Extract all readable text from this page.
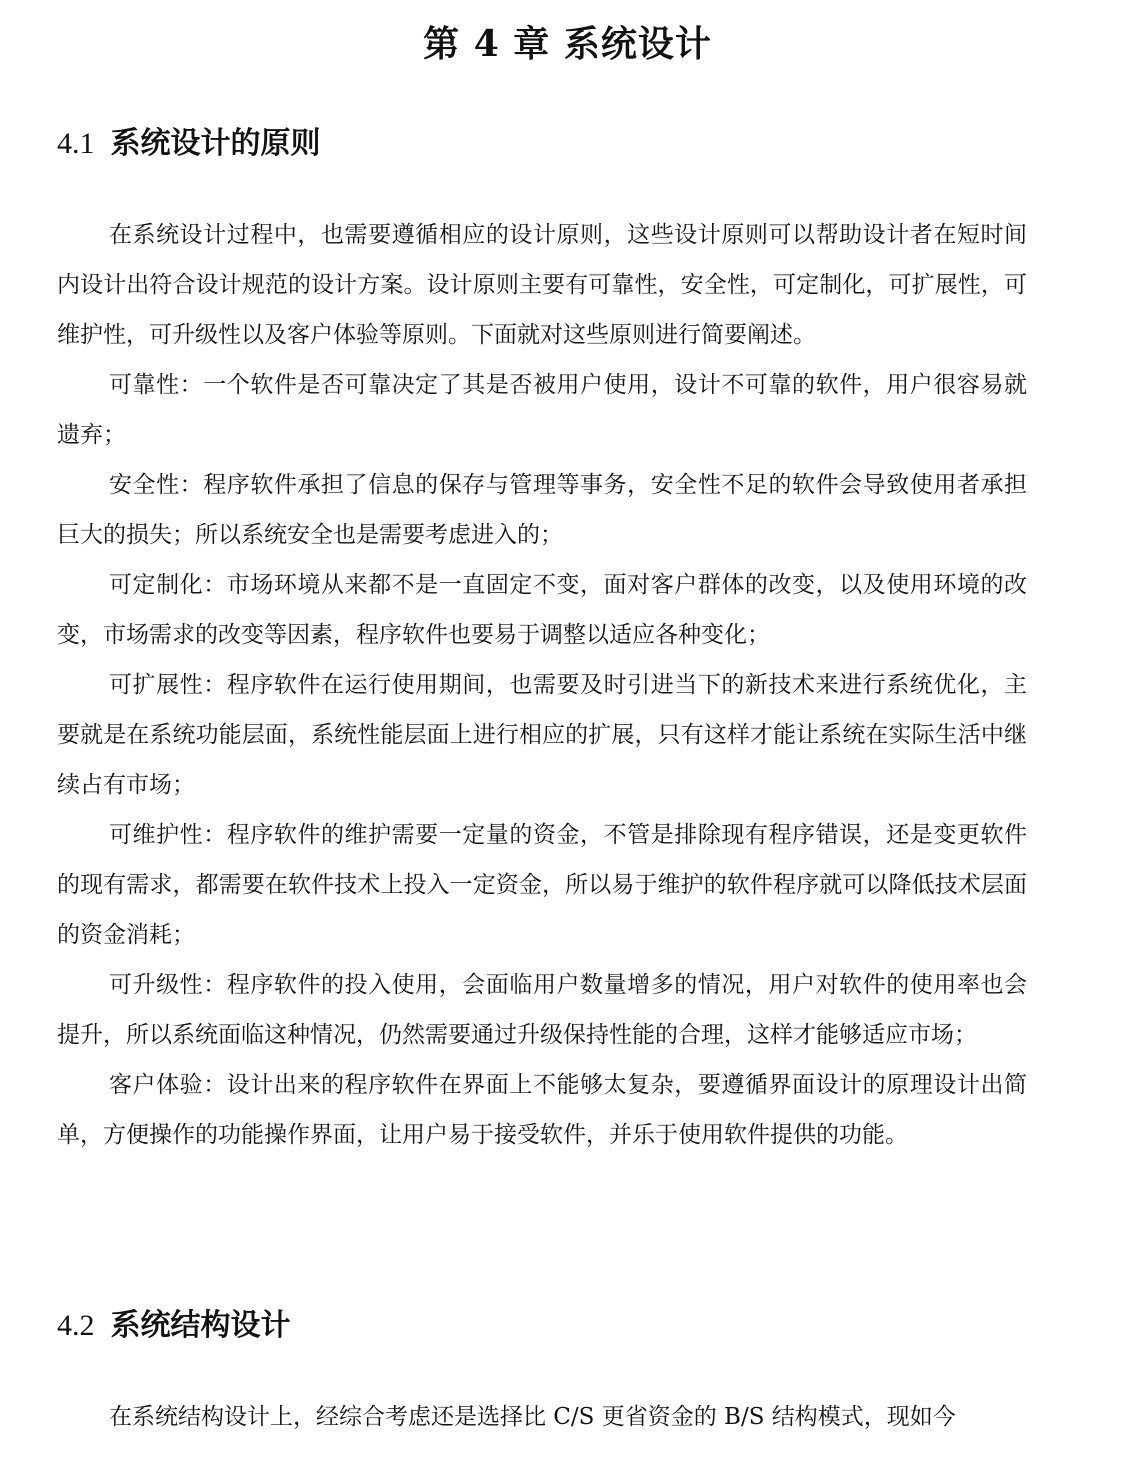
第 4 章 系统设计
4.1 系统设计的原则

在系统设计过程中，也需要遵循相应的设计原则，这些设计原则可以帮助设计者在短时间内设计出符合设计规范的设计方案。设计原则主要有可靠性，安全性，可定制化，可扩展性，可维护性，可升级性以及客户体验等原则。下面就对这些原则进行简要阐述。

可靠性：一个软件是否可靠决定了其是否被用户使用，设计不可靠的软件，用户很容易就遗弃；

安全性：程序软件承担了信息的保存与管理等事务，安全性不足的软件会导致使用者承担巨大的损失；所以系统安全也是需要考虑进入的；

可定制化：市场环境从来都不是一直固定不变，面对客户群体的改变，以及使用环境的改变，市场需求的改变等因素，程序软件也要易于调整以适应各种变化；

可扩展性：程序软件在运行使用期间，也需要及时引进当下的新技术来进行系统优化，主要就是在系统功能层面，系统性能层面上进行相应的扩展，只有这样才能让系统在实际生活中继续占有市场；

可维护性：程序软件的维护需要一定量的资金，不管是排除现有程序错误，还是变更软件的现有需求，都需要在软件技术上投入一定资金，所以易于维护的软件程序就可以降低技术层面的资金消耗；

可升级性：程序软件的投入使用，会面临用户数量增多的情况，用户对软件的使用率也会提升，所以系统面临这种情况，仍然需要通过升级保持性能的合理，这样才能够适应市场；

客户体验：设计出来的程序软件在界面上不能够太复杂，要遵循界面设计的原理设计出简单，方便操作的功能操作界面，让用户易于接受软件，并乐于使用软件提供的功能。

4.2 系统结构设计

在系统结构设计上，经综合考虑还是选择比 C/S 更省资金的 B/S 结构模式，现如今
